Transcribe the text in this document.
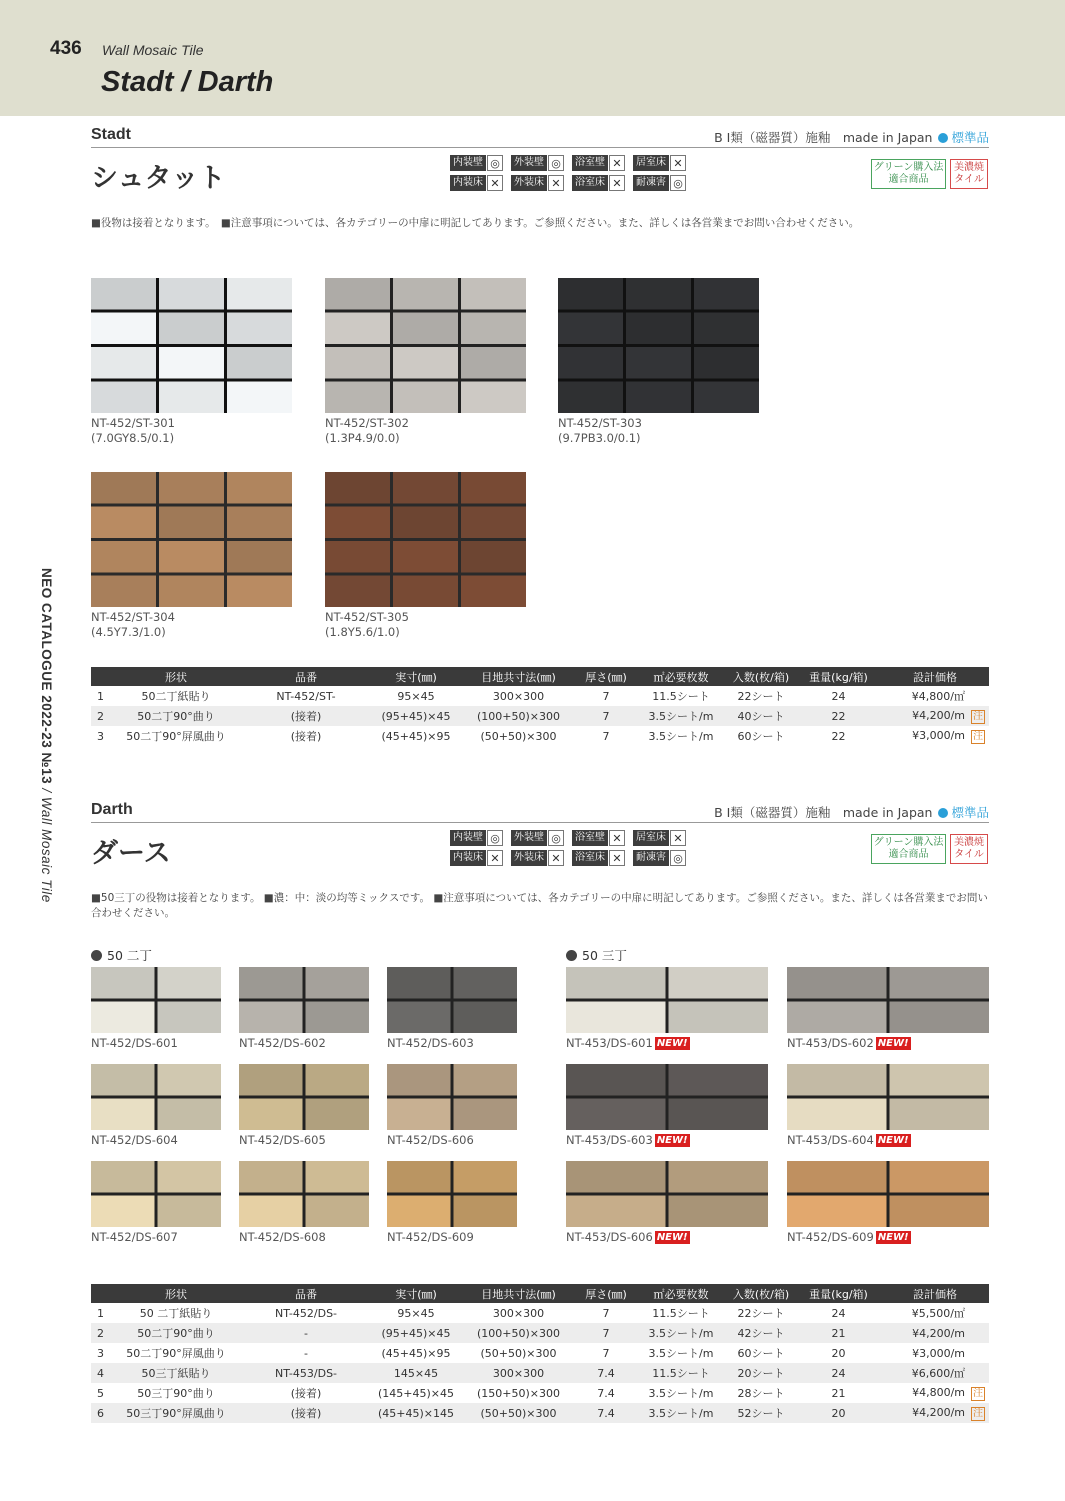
436 Wall Mosaic Tile
Stadt / Darth
NEO CATALOGUE 2022-23 №13 / Wall Mosaic Tile
Stadt	B Ⅰ類（磁器質）施釉　made in Japan 標準品
シュタット
内装壁 ◎	外装壁 ◎	浴室壁 ✕	居室床 ✕
内装床 ✕	外装床 ✕	浴室床 ✕	耐凍害 ◎
グリーン購入法
適合商品
美濃焼
タイル
■役物は接着となります。　■注意事項については、各カテゴリーの中扉に明記してあります。ご参照ください。また、詳しくは各営業までお問い合わせください。
NT-452/ST-301
(7.0GY8.5/0.1)
NT-452/ST-302
(1.3P4.9/0.0)
NT-452/ST-303
(9.7PB3.0/0.1)
NT-452/ST-304
(4.5Y7.3/1.0)
NT-452/ST-305
(1.8Y5.6/1.0)
	形状	品番	実寸(㎜)	目地共寸法(㎜)	厚さ(㎜)	㎡必要枚数	入数(枚/箱)	重量(kg/箱)	設計価格
1	50二丁紙貼り	NT-452/ST-	95×45	300×300	7	11.5シート	22シート	24	¥4,800/㎡
2	50二丁90°曲り	(接着)	(95+45)×45	(100+50)×300	7	3.5シート/m	40シート	22	¥4,200/m 注
3	50二丁90°屏風曲り	(接着)	(45+45)×95	(50+50)×300	7	3.5シート/m	60シート	22	¥3,000/m 注
Darth	B Ⅰ類（磁器質）施釉　made in Japan 標準品
ダース
内装壁 ◎	外装壁 ◎	浴室壁 ✕	居室床 ✕
内装床 ✕	外装床 ✕	浴室床 ✕	耐凍害 ◎
グリーン購入法
適合商品
美濃焼
タイル
■50三丁の役物は接着となります。 ■濃：中：淡の均等ミックスです。 ■注意事項については、各カテゴリーの中扉に明記してあります。ご参照ください。また、詳しくは各営業までお問い合わせください。
50 二丁	50 三丁
NT-452/DS-601	NT-452/DS-602	NT-452/DS-603
NT-452/DS-604	NT-452/DS-605	NT-452/DS-606
NT-452/DS-607	NT-452/DS-608	NT-452/DS-609
NT-453/DS-601 NEW!	NT-453/DS-602 NEW!
NT-453/DS-603 NEW!	NT-453/DS-604 NEW!
NT-453/DS-606 NEW!	NT-452/DS-609 NEW!
	形状	品番	実寸(㎜)	目地共寸法(㎜)	厚さ(㎜)	㎡必要枚数	入数(枚/箱)	重量(kg/箱)	設計価格
1	50 二丁紙貼り	NT-452/DS-	95×45	300×300	7	11.5シート	22シート	24	¥5,500/㎡
2	50二丁90°曲り	-	(95+45)×45	(100+50)×300	7	3.5シート/m	42シート	21	¥4,200/m
3	50二丁90°屏風曲り	-	(45+45)×95	(50+50)×300	7	3.5シート/m	60シート	20	¥3,000/m
4	50三丁紙貼り	NT-453/DS-	145×45	300×300	7.4	11.5シート	20シート	24	¥6,600/㎡
5	50三丁90°曲り	(接着)	(145+45)×45	(150+50)×300	7.4	3.5シート/m	28シート	21	¥4,800/m 注
6	50三丁90°屏風曲り	(接着)	(45+45)×145	(50+50)×300	7.4	3.5シート/m	52シート	20	¥4,200/m 注
